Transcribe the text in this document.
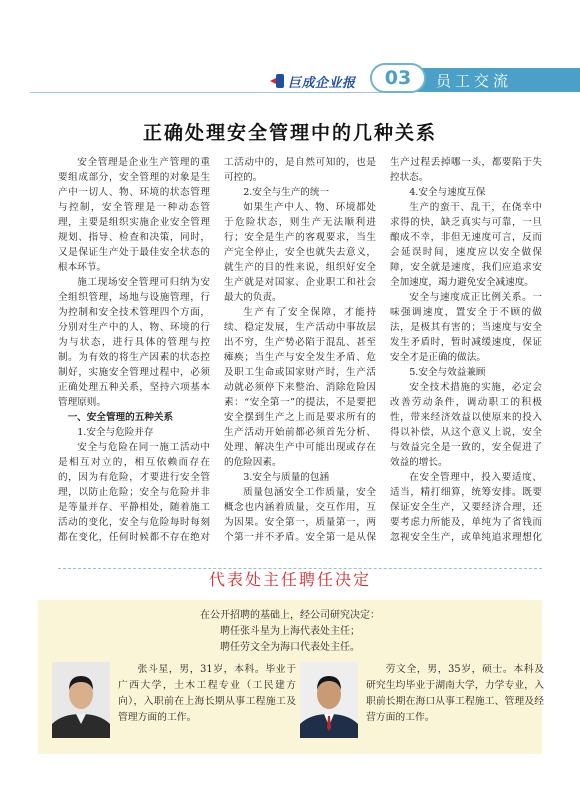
巨成企业报	03	员工交流
正确处理安全管理中的几种关系

安全管理是企业生产管理的重要组成部分，安全管理的对象是生产中一切人、物、环境的状态管理与控制，安全管理是一种动态管理，主要是组织实施企业安全管理规划、指导、检查和决策，同时，又是保证生产处于最佳安全状态的根本环节。

施工现场安全管理可归纳为安全组织管理，场地与设施管理，行为控制和安全技术管理四个方面，分别对生产中的人、物、环境的行为与状态，进行具体的管理与控制。为有效的将生产因素的状态控制好，实施安全管理过程中，必须正确处理五种关系，坚持六项基本管理原则。

一、安全管理的五种关系

1.安全与危险并存

安全与危险在同一施工活动中是相互对立的，相互依赖而存在的，因为有危险，才要进行安全管理，以防止危险；安全与危险并非是等量并存、平静相处，随着施工活动的变化，安全与危险每时每刻都在变化，任何时候都不存在绝对

工活动中的，是自然可知的，也是可控的。

2.安全与生产的统一

如果生产中人、物、环境都处于危险状态，则生产无法顺利进行；安全是生产的客观要求，当生产完全停止，安全也就失去意义，就生产的目的性来说，组织好安全生产就是对国家、企业职工和社会最大的负责。

生产有了安全保障，才能持续、稳定发展，生产活动中事故层出不穷，生产势必陷于混乱、甚至瘫痪；当生产与安全发生矛盾、危及职工生命或国家财产时，生产活动就必须停下来整治、消除危险因素：“安全第一”的提法，不是要把安全摆到生产之上而是要求所有的生产活动开始前都必须首先分析、处理、解决生产中可能出现或存在的危险因素。

3.安全与质量的包涵

质量包涵安全工作质量，安全概念也内涵着质量，交互作用，互为因果。安全第一，质量第一，两个第一并不矛盾。安全第一是从保

生产过程丢掉哪一头，都要陷于失控状态。

4.安全与速度互保

生产的蛮干、乱干，在侥幸中求得的快，缺乏真实与可靠，一旦酿成不幸，非但无速度可言，反而会延误时间，速度应以安全做保障，安全就是速度，我们应追求安全加速度，竭力避免安全减速度。

安全与速度成正比例关系。一味强调速度，置安全于不顾的做法，是极其有害的；当速度与安全发生矛盾时，暂时减缓速度，保证安全才是正确的做法。

5.安全与效益兼顾

安全技术措施的实施，必定会改善劳动条件，调动职工的积极性，带来经济效益以使原来的投入得以补偿，从这个意义上说，安全与效益完全是一致的，安全促进了效益的增长。

在安全管理中，投入要适度、适当，精打细算，统筹安排。既要保证安全生产，又要经济合理，还要考虑力所能及，单纯为了省钱而忽视安全生产，或单纯追求理想化

代表处主任聘任决定
在公开招聘的基础上，经公司研究决定：
聘任张斗星为上海代表处主任；
聘任劳文全为海口代表处主任。
张斗星，男，31岁，本科。毕业于广西大学，土木工程专业（工民建方向），入职前在上海长期从事工程施工及管理方面的工作。
劳文全，男，35岁，硕士。本科及研究生均毕业于湖南大学，力学专业，入职前长期在海口从事工程施工、管理及经营方面的工作。
